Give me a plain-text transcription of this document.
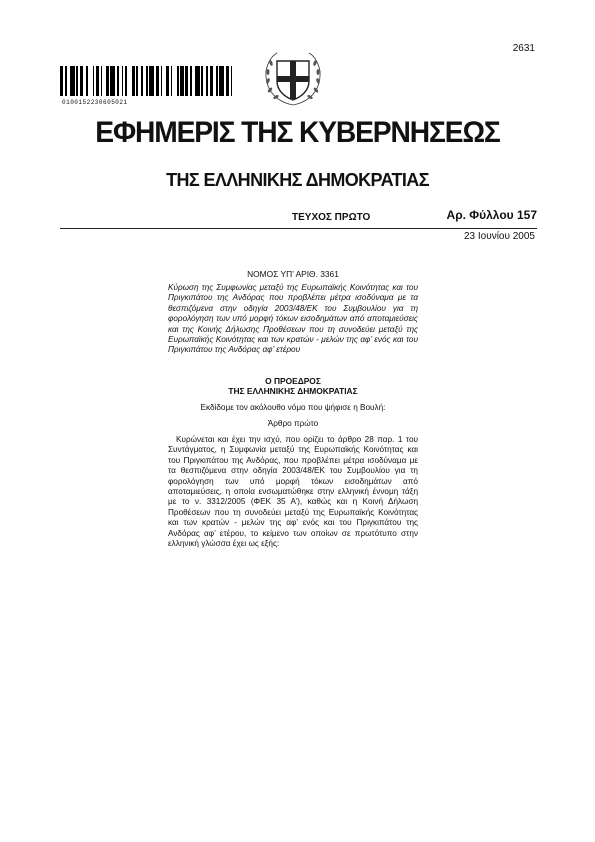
2631
0100152230605021
ΕΦΗΜΕΡΙΣ ΤΗΣ ΚΥΒΕΡΝΗΣΕΩΣ
ΤΗΣ ΕΛΛΗΝΙΚΗΣ ΔΗΜΟΚΡΑΤΙΑΣ
ΤΕΥΧΟΣ ΠΡΩΤΟ	Αρ. Φύλλου 157
23 Ιουνίου 2005
ΝΟΜΟΣ ΥΠ’ ΑΡΙΘ. 3361
Κύρωση της Συμφωνίας μεταξύ της Ευρωπαϊκής Κοινότητας και του Πριγκιπάτου της Ανδόρας που προβλέπει μέτρα ισοδύναμα με τα θεσπιζόμενα στην οδηγία 2003/48/ΕΚ του Συμβουλίου για τη φορολόγηση των υπό μορφή τόκων εισοδημάτων από αποταμιεύσεις και της Κοινής Δήλωσης Προθέσεων που τη συνοδεύει μεταξύ της Ευρωπαϊκής Κοινότητας και των κρατών - μελών της αφ’ ενός και του Πριγκιπάτου της Ανδόρας αφ’ ετέρου
Ο ΠΡΟΕΔΡΟΣ
ΤΗΣ ΕΛΛΗΝΙΚΗΣ ΔΗΜΟΚΡΑΤΙΑΣ
Εκδίδομε τον ακόλουθο νόμο που ψήφισε η Βουλή:
Άρθρο πρώτο
Κυρώνεται και έχει την ισχύ, που ορίζει το άρθρο 28 παρ. 1 του Συντάγματος, η Συμφωνία μεταξύ της Ευρωπαϊκής Κοινότητας και του Πριγκιπάτου της Ανδόρας, που προβλέπει μέτρα ισοδύναμα με τα θεσπιζόμενα στην οδηγία 2003/48/ΕΚ του Συμβουλίου για τη φορολόγηση των υπό μορφή τόκων εισοδημάτων από αποταμιεύσεις, η οποία ενσωματώθηκε στην ελληνική έννομη τάξη με το ν. 3312/2005 (ΦΕΚ 35 Α’), καθώς και η Κοινή Δήλωση Προθέσεων που τη συνοδεύει μεταξύ της Ευρωπαϊκής Κοινότητας και των κρατών - μελών της αφ’ ενός και του Πριγκιπάτου της Ανδόρας αφ’ ετέρου, το κείμενο των οποίων σε πρωτότυπο στην ελληνική γλώσσα έχει ως εξής:
